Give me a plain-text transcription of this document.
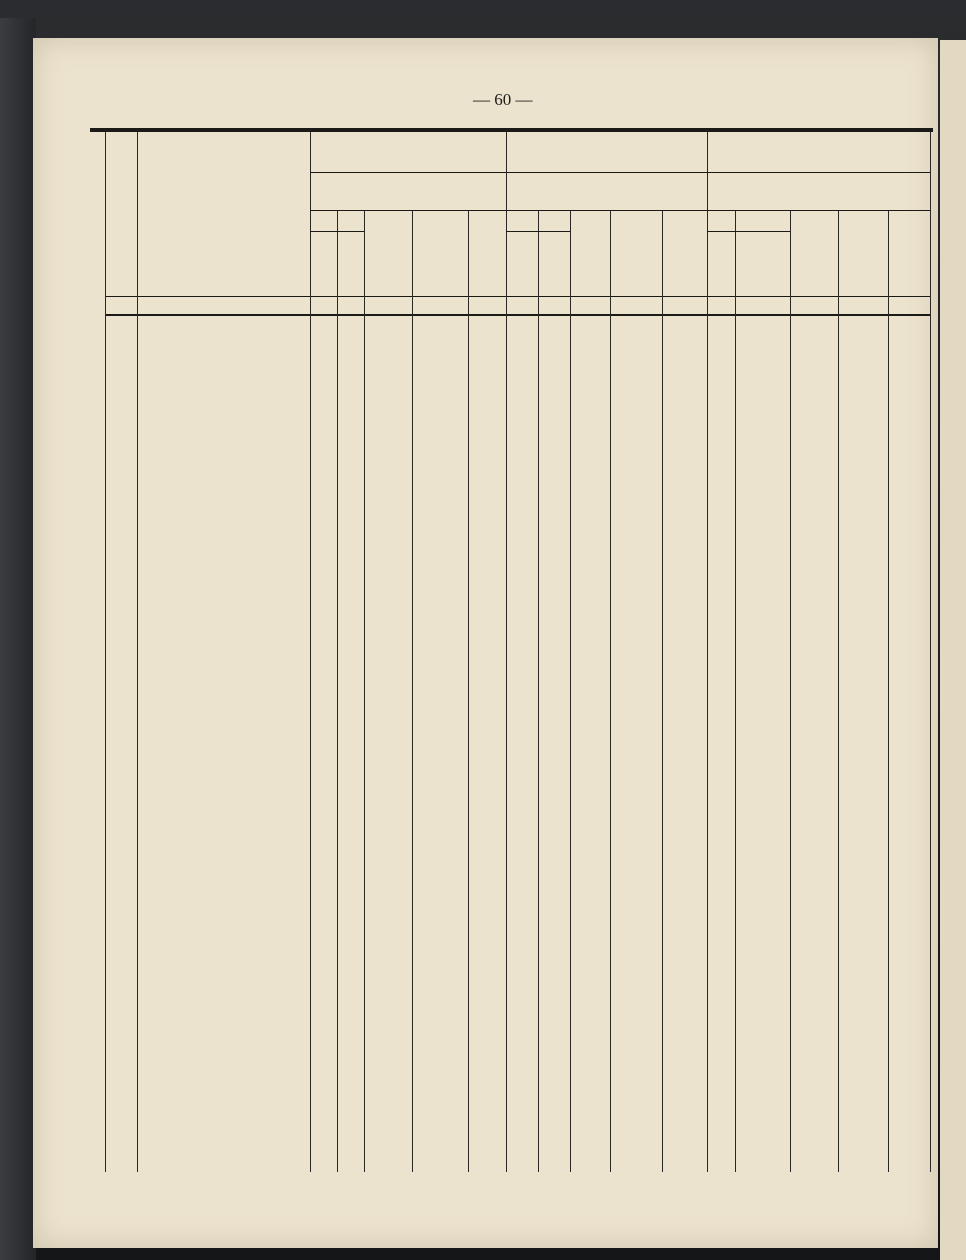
— 60 —
